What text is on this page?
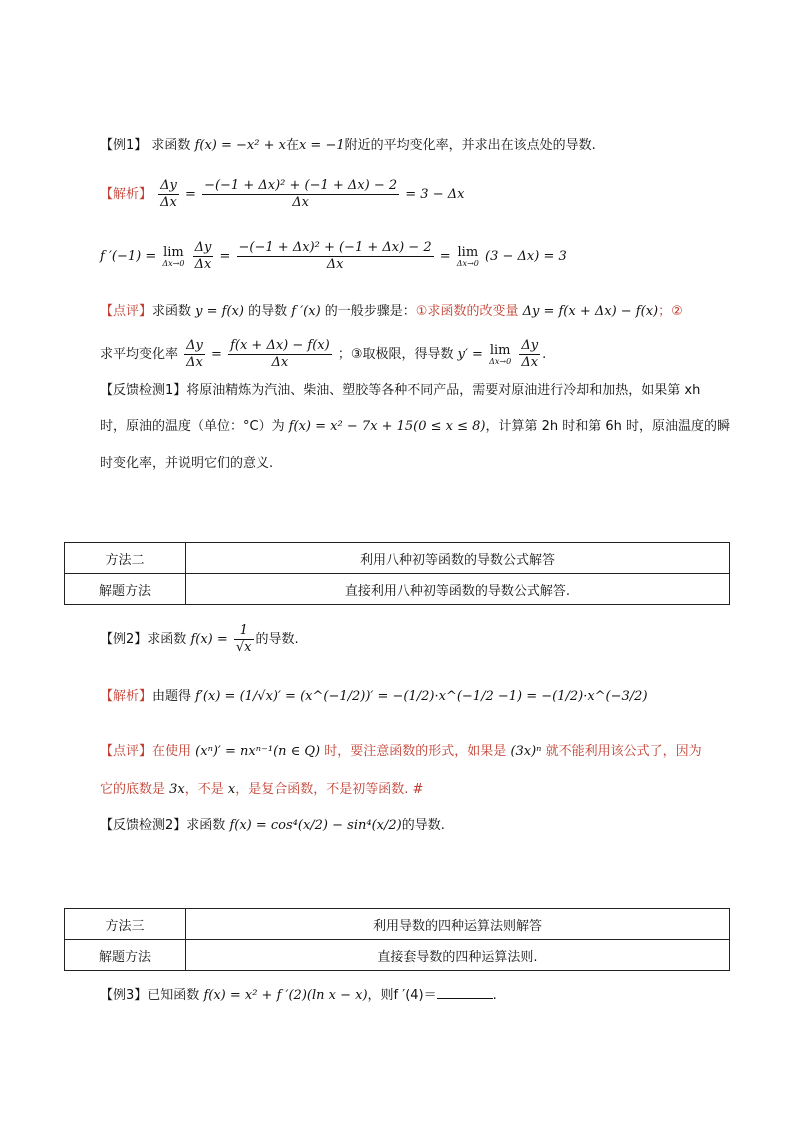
【例1】 求函数 f(x) = −x² + x在x = −1附近的平均变化率，并求出在该点处的导数.
【解析】 $\frac{\Delta y}{\Delta x} = \frac{\text{−(−1 + Δx)² + (−1 + Δx) − 2}}{\Delta x} = 3 - \Delta x$
f ′(−1) = lim
Δx→0
$\frac{\Delta y}{\Delta x} = \frac{\text{−(−1 + Δx)² + (−1 + Δx) − 2}}{\Delta x} = \lim$
Δx→0 (3 − Δx) = 3
【点评】求函数 y = f(x) 的导数 f ′(x) 的一般步骤是：①求函数的改变量 Δy = f(x + Δx) − f(x)；②
求平均变化率 $\frac{\Delta y}{\Delta x} = \frac{f(x + \Delta x) - f(x)}{\Delta x}$ ；③取极限，得导数 y′ = lim
Δx→0
$\frac{\Delta y}{\Delta x}$ .
【反馈检测1】将原油精炼为汽油、柴油、塑胶等各种不同产品，需要对原油进行冷却和加热，如果第 xh
时，原油的温度（单位：°C）为 f(x) = x² − 7x + 15(0 ≤ x ≤ 8)，计算第 2h 时和第 6h 时，原油温度的瞬
时变化率，并说明它们的意义.
方法二	利用八种初等函数的导数公式解答
解题方法	直接利用八种初等函数的导数公式解答.
【例2】求函数 $f(x) = \frac{1}{√x}$ 的导数.
【解析】由题得 f′(x) = (1/√x)′ = (x^(−1/2))′ = −(1/2)·x^(−1/2 −1) = −(1/2)·x^(−3/2)
【点评】在使用 (xⁿ)′ = nxⁿ⁻¹(n ∈ Q) 时，要注意函数的形式，如果是 (3x)ⁿ 就不能利用该公式了，因为
它的底数是 3x，不是 x，是复合函数，不是初等函数. #
【反馈检测2】求函数 f(x) = cos⁴(x/2) − sin⁴(x/2)的导数.
方法三	利用导数的四种运算法则解答
解题方法	直接套导数的四种运算法则.
【例3】已知函数 f(x) = x² + f ′(2)(ln x − x)，则f ′(4)＝	.
